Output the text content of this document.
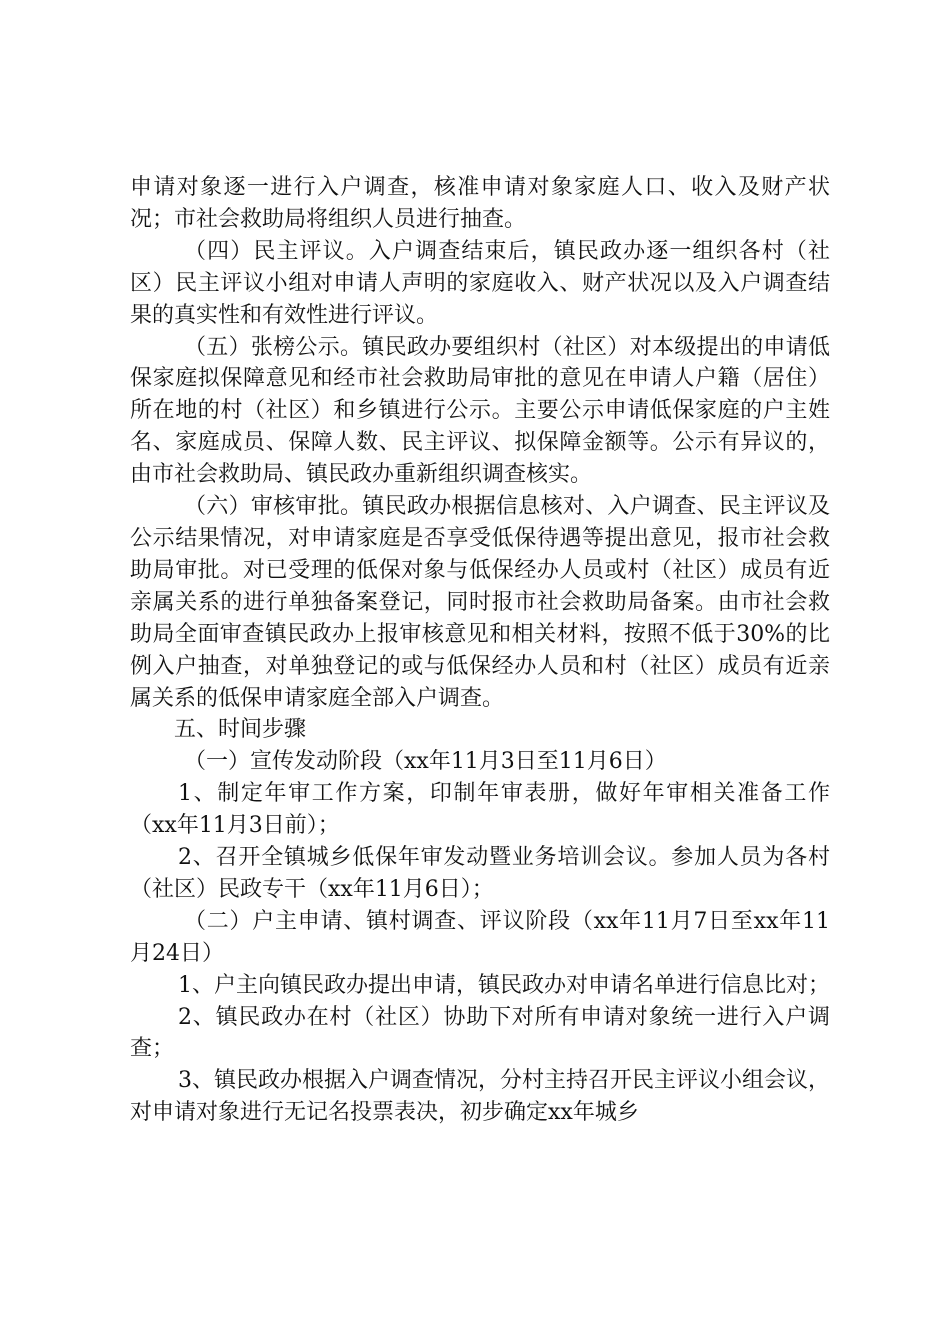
申请对象逐一进行入户调查，核准申请对象家庭人口、收入及财产状况；市社会救助局将组织人员进行抽查。

（四）民主评议。入户调查结束后，镇民政办逐一组织各村（社区）民主评议小组对申请人声明的家庭收入、财产状况以及入户调查结果的真实性和有效性进行评议。

（五）张榜公示。镇民政办要组织村（社区）对本级提出的申请低保家庭拟保障意见和经市社会救助局审批的意见在申请人户籍（居住）所在地的村（社区）和乡镇进行公示。主要公示申请低保家庭的户主姓名、家庭成员、保障人数、民主评议、拟保障金额等。公示有异议的，由市社会救助局、镇民政办重新组织调查核实。

（六）审核审批。镇民政办根据信息核对、入户调查、民主评议及公示结果情况，对申请家庭是否享受低保待遇等提出意见，报市社会救助局审批。对已受理的低保对象与低保经办人员或村（社区）成员有近亲属关系的进行单独备案登记，同时报市社会救助局备案。由市社会救助局全面审查镇民政办上报审核意见和相关材料，按照不低于30%的比例入户抽查，对单独登记的或与低保经办人员和村（社区）成员有近亲属关系的低保申请家庭全部入户调查。

五、时间步骤

（一）宣传发动阶段（xx年11月3日至11月6日）

1、制定年审工作方案，印制年审表册，做好年审相关准备工作（xx年11月3日前）；

2、召开全镇城乡低保年审发动暨业务培训会议。参加人员为各村（社区）民政专干（xx年11月6日）；

（二）户主申请、镇村调查、评议阶段（xx年11月7日至xx年11月24日）

1、户主向镇民政办提出申请，镇民政办对申请名单进行信息比对；

2、镇民政办在村（社区）协助下对所有申请对象统一进行入户调查；

3、镇民政办根据入户调查情况，分村主持召开民主评议小组会议，对申请对象进行无记名投票表决，初步确定xx年城乡
